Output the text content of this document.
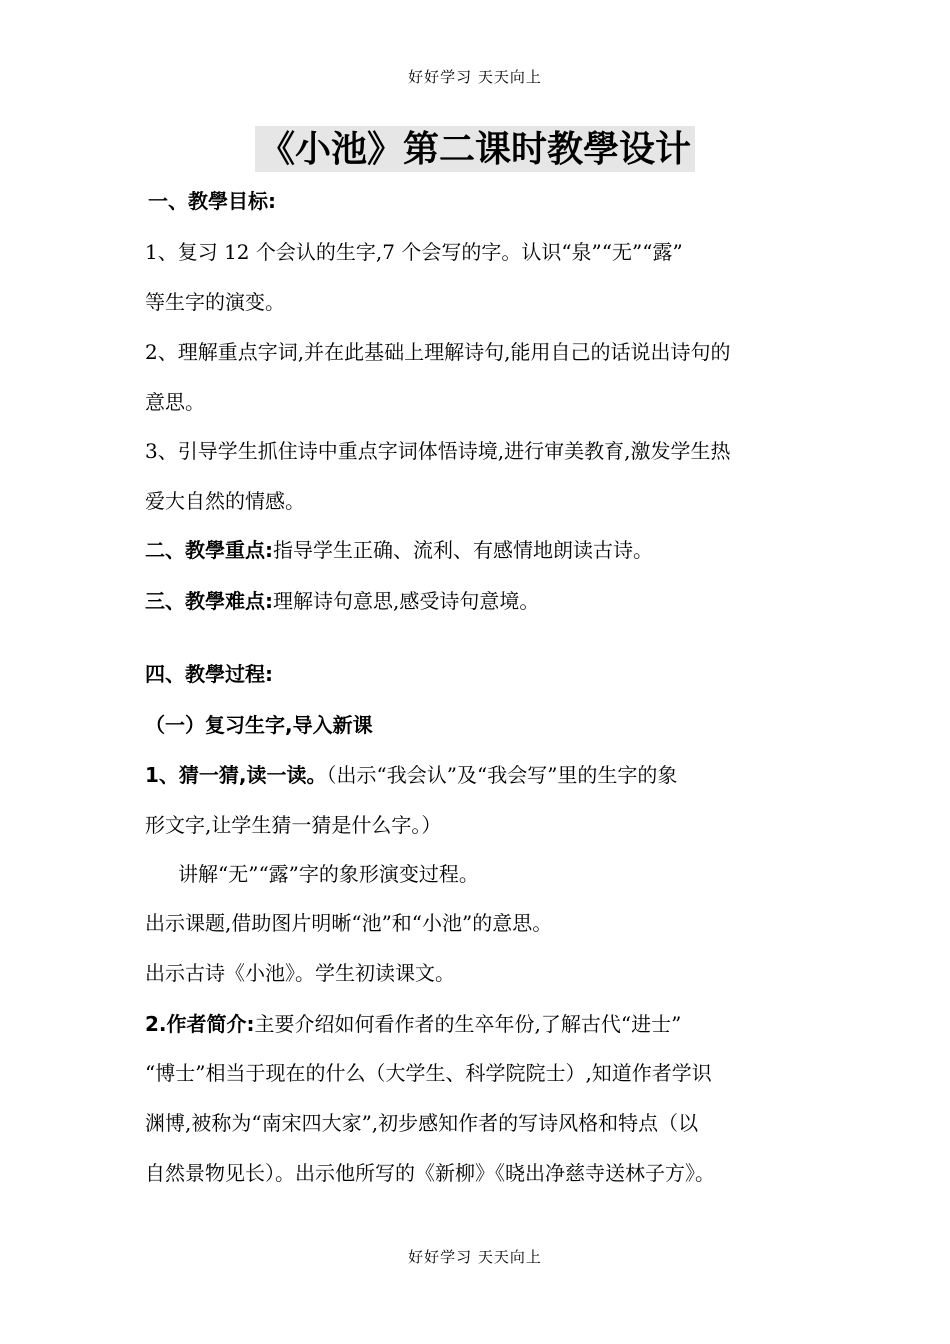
好好学习 天天向上
《小池》第二课时教學设计
一、教學目标:
1、复习 12 个会认的生字,7 个会写的字。认识“泉”“无”“露”
等生字的演变。
2、理解重点字词,并在此基础上理解诗句,能用自己的话说出诗句的
意思。
3、引导学生抓住诗中重点字词体悟诗境,进行审美教育,激发学生热
爱大自然的情感。
二、教學重点:指导学生正确、流利、有感情地朗读古诗。
三、教學难点:理解诗句意思,感受诗句意境。
四、教學过程:
（一）复习生字,导入新课
1、猜一猜,读一读。（出示“我会认”及“我会写”里的生字的象
形文字,让学生猜一猜是什么字。）
讲解“无”“露”字的象形演变过程。
出示课题,借助图片明晰“池”和“小池”的意思。
出示古诗《小池》。学生初读课文。
2.作者简介:主要介绍如何看作者的生卒年份,了解古代“进士”
“博士”相当于现在的什么（大学生、科学院院士）,知道作者学识
渊博,被称为“南宋四大家”,初步感知作者的写诗风格和特点（以
自然景物见长）。出示他所写的《新柳》《晓出净慈寺送林子方》。
好好学习 天天向上
